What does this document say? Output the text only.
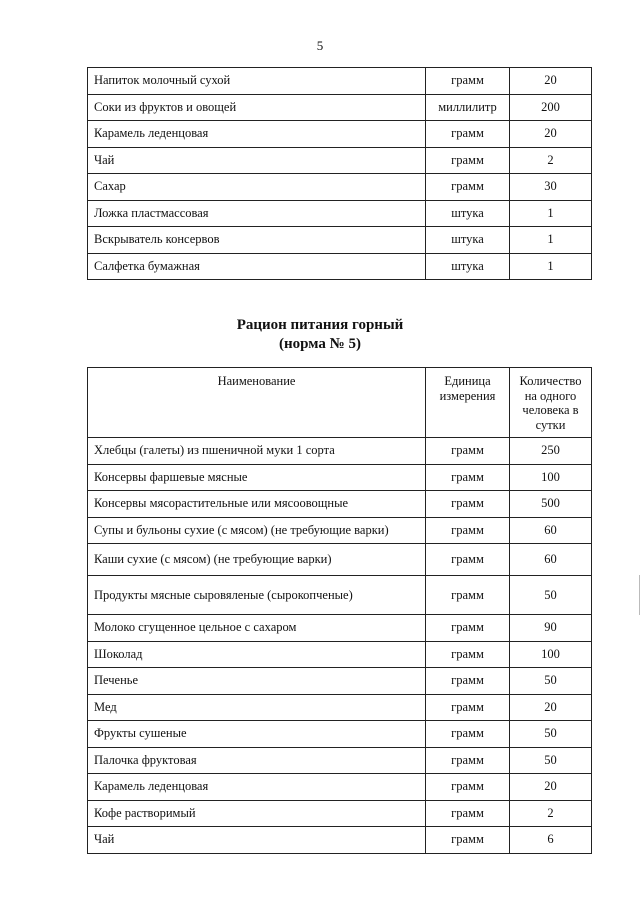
5
Напиток молочный сухой	грамм	20
Соки из фруктов и овощей	миллилитр	200
Карамель леденцовая	грамм	20
Чай	грамм	2
Сахар	грамм	30
Ложка пластмассовая	штука	1
Вскрыватель консервов	штука	1
Салфетка бумажная	штука	1
Рацион питания горный
(норма № 5)
Наименование	Единица измерения	Количество на одного человека в сутки
Хлебцы (галеты) из пшеничной муки 1 сорта	грамм	250
Консервы фаршевые мясные	грамм	100
Консервы мясорастительные или мясоовощные	грамм	500
Супы и бульоны сухие (с мясом) (не требующие варки)	грамм	60
Каши сухие (с мясом) (не требующие варки)	грамм	60
Продукты мясные сыровяленые (сырокопченые)	грамм	50
Молоко сгущенное цельное с сахаром	грамм	90
Шоколад	грамм	100
Печенье	грамм	50
Мед	грамм	20
Фрукты сушеные	грамм	50
Палочка фруктовая	грамм	50
Карамель леденцовая	грамм	20
Кофе растворимый	грамм	2
Чай	грамм	6
